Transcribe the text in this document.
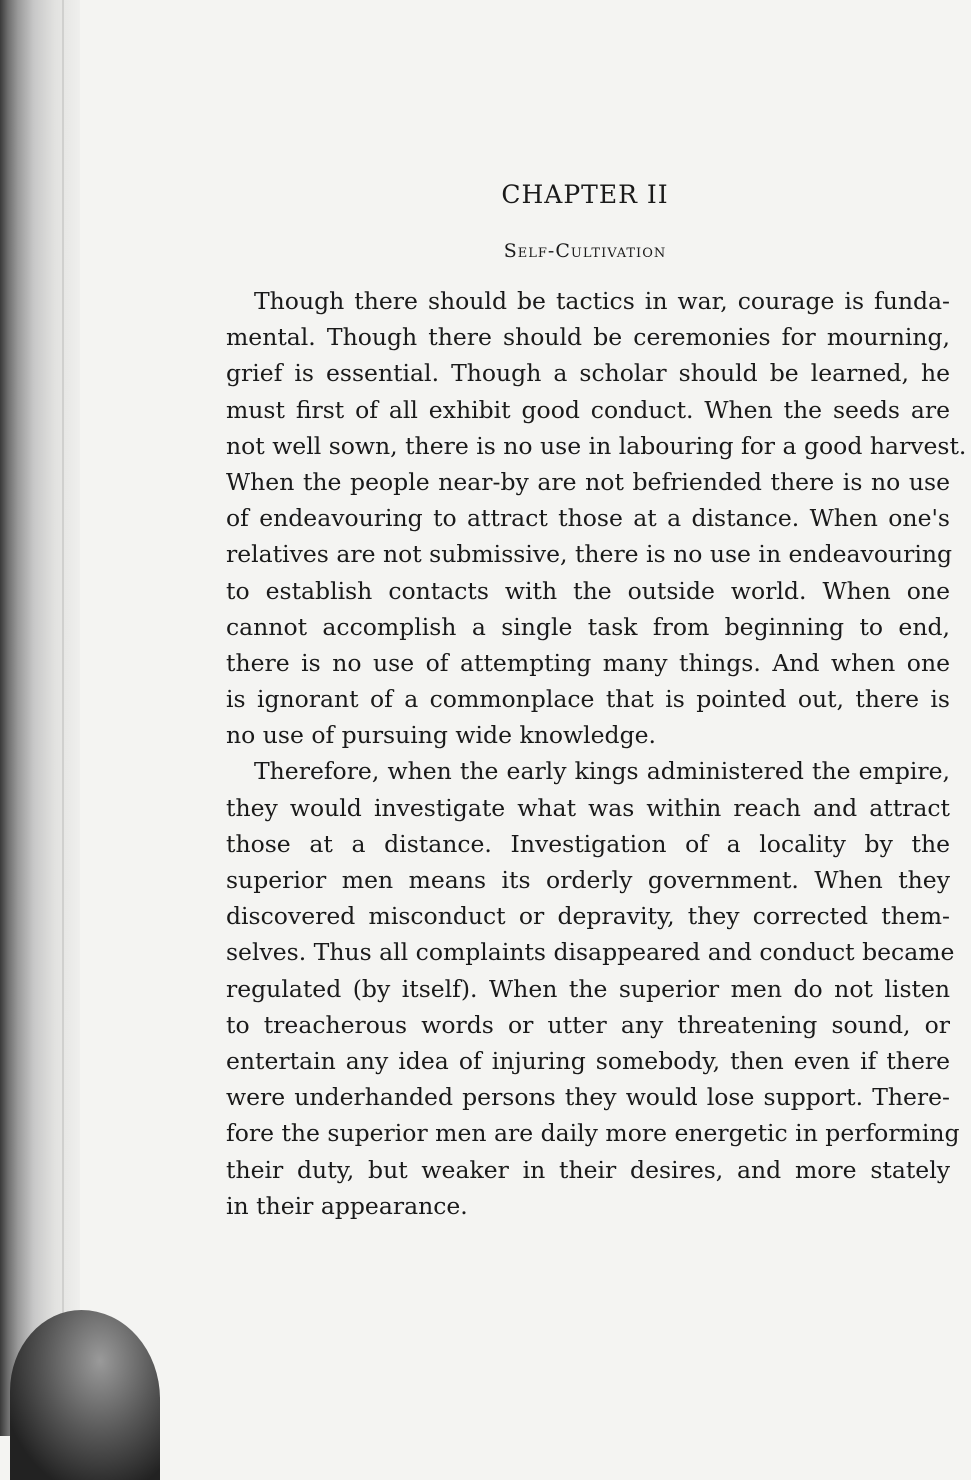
CHAPTER II
Self-Cultivation
Though there should be tactics in war, courage is funda-
mental. Though there should be ceremonies for mourning,
grief is essential. Though a scholar should be learned, he
must first of all exhibit good conduct. When the seeds are
not well sown, there is no use in labouring for a good harvest.
When the people near-by are not befriended there is no use
of endeavouring to attract those at a distance. When one's
relatives are not submissive, there is no use in endeavouring
to establish contacts with the outside world. When one
cannot accomplish a single task from beginning to end,
there is no use of attempting many things. And when one
is ignorant of a commonplace that is pointed out, there is
no use of pursuing wide knowledge.
Therefore, when the early kings administered the empire,
they would investigate what was within reach and attract
those at a distance. Investigation of a locality by the
superior men means its orderly government. When they
discovered misconduct or depravity, they corrected them-
selves. Thus all complaints disappeared and conduct became
regulated (by itself). When the superior men do not listen
to treacherous words or utter any threatening sound, or
entertain any idea of injuring somebody, then even if there
were underhanded persons they would lose support. There-
fore the superior men are daily more energetic in performing
their duty, but weaker in their desires, and more stately
in their appearance.
